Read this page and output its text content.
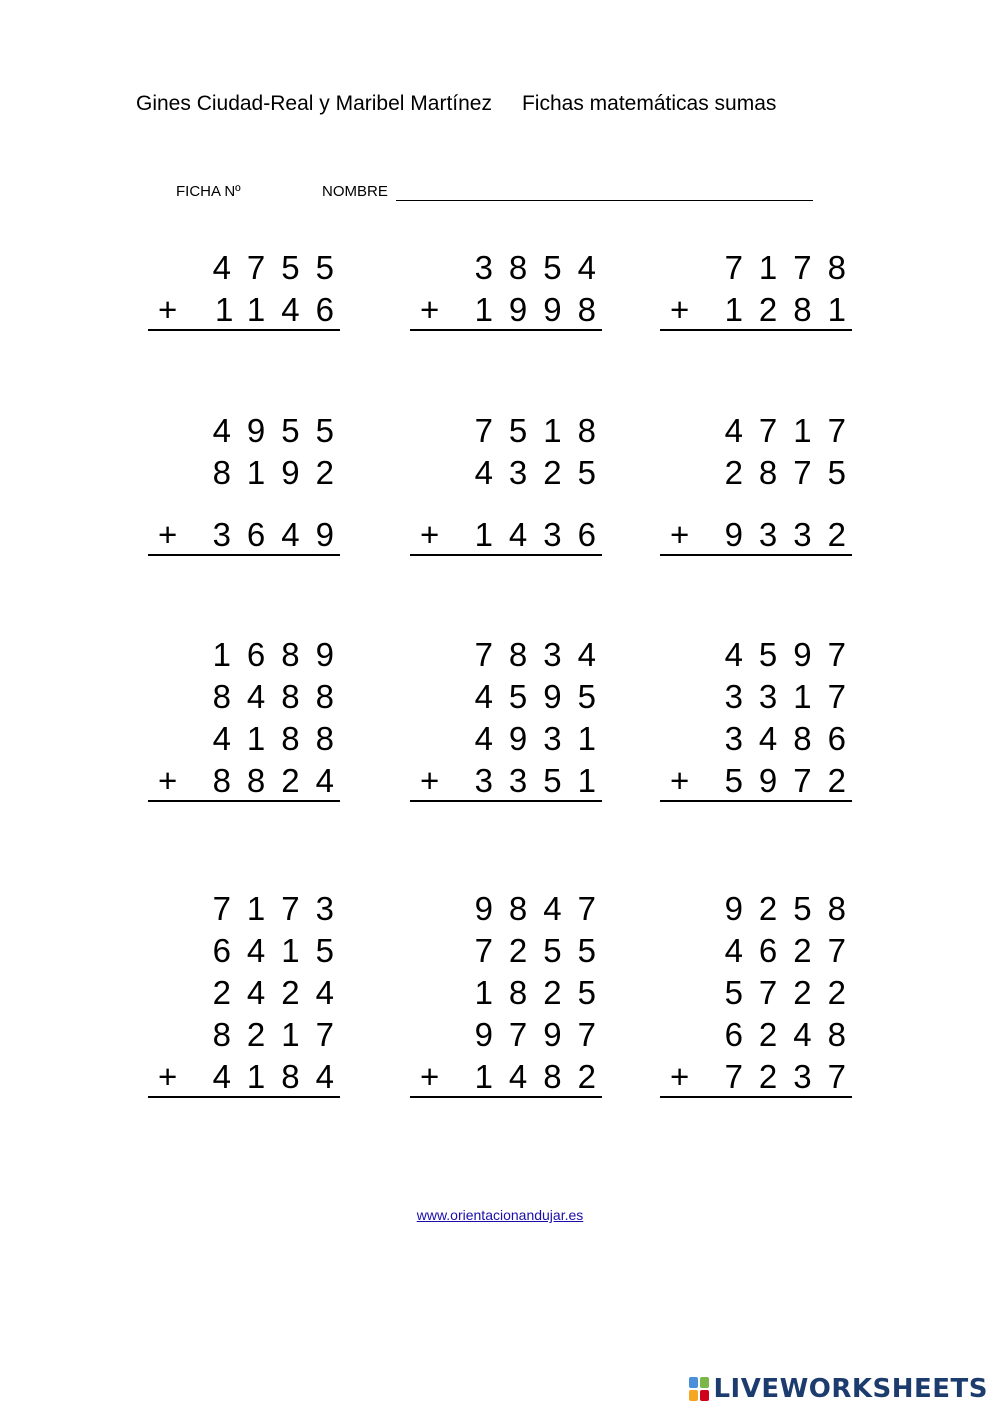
Gines Ciudad-Real y Maribel Martínez Fichas matemáticas sumas
FICHA Nº	NOMBRE
4755
+ 1146
3854
+ 1998
7178
+ 1281
4955
8192
+ 3649
7518
4325
+ 1436
4717
2875
+ 9332
1689
8488
4188
+ 8824
7834
4595
4931
+ 3351
4597
3317
3486
+ 5972
7173
6415
2424
8217
+ 4184
9847
7255
1825
9797
+ 1482
9258
4627
5722
6248
+ 7237
www.orientacionandujar.es
LIVEWORKSHEETS
